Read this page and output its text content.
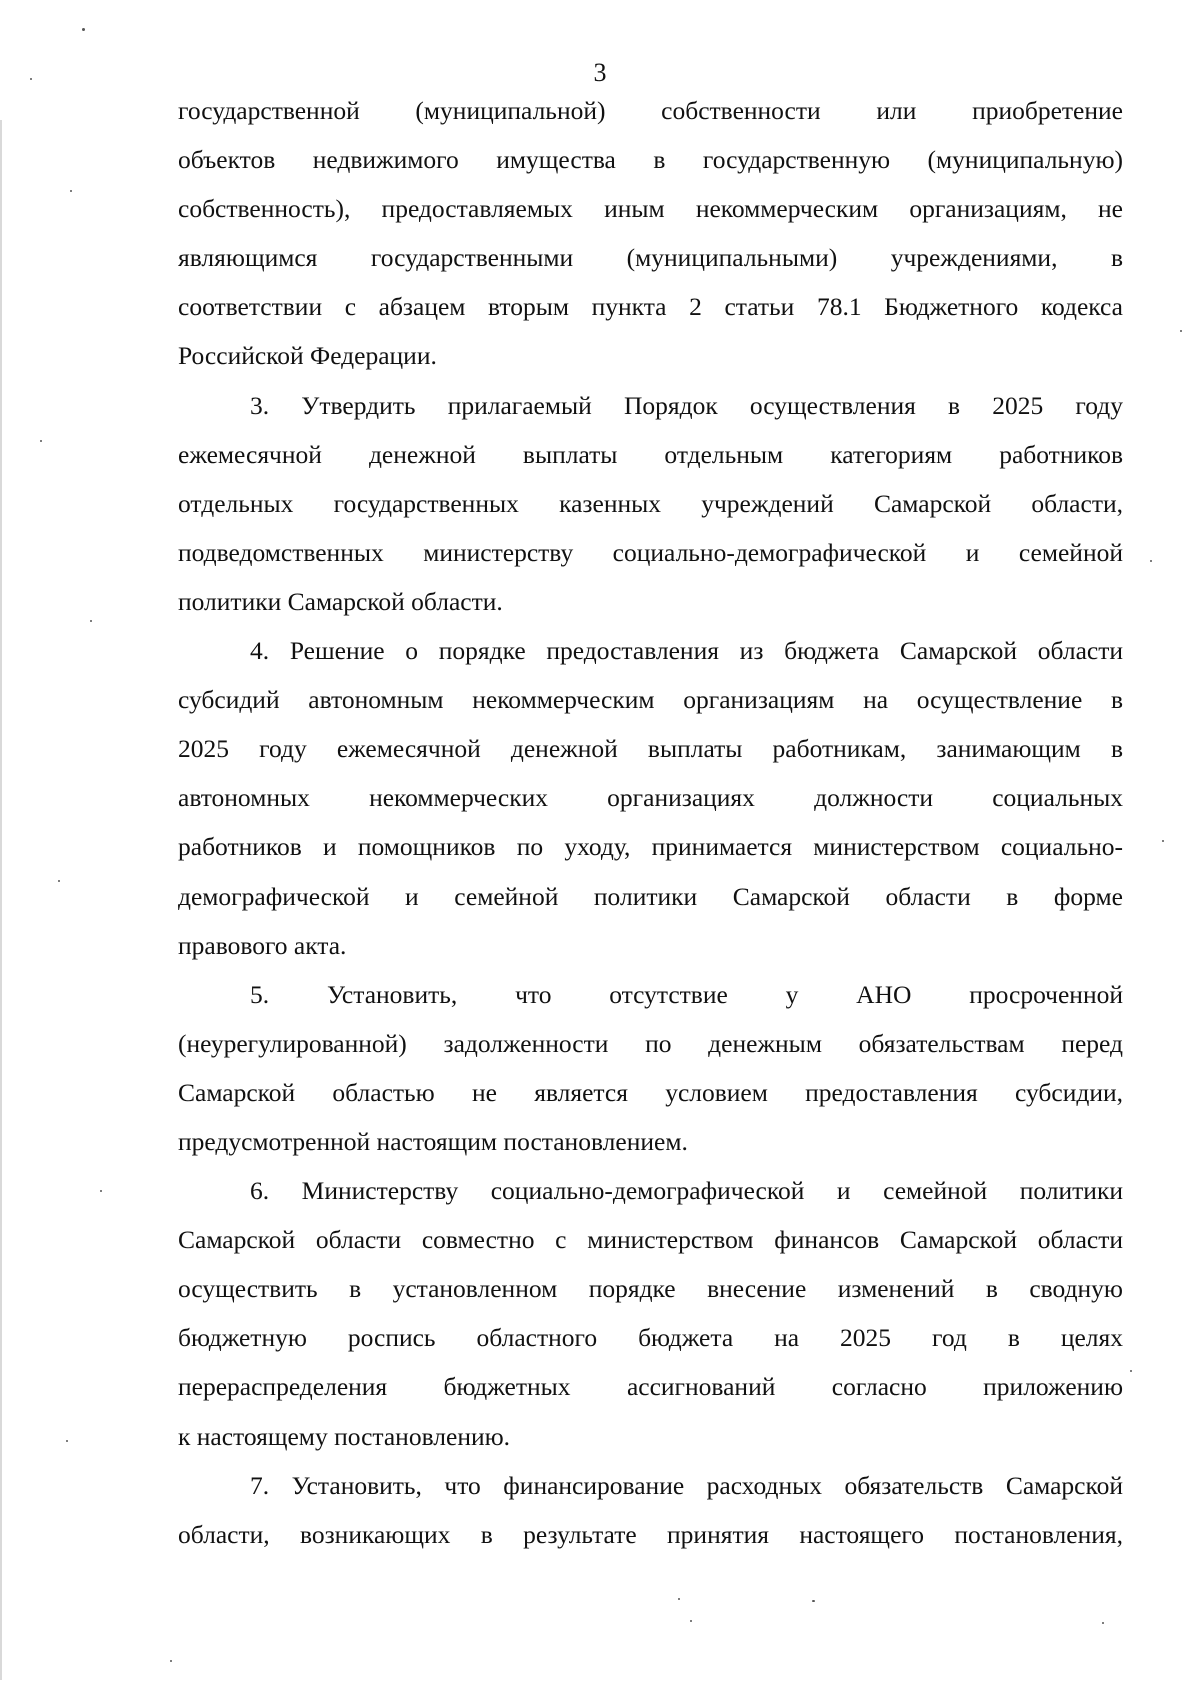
3
государственной (муниципальной) собственности или приобретение
объектов недвижимого имущества в государственную (муниципальную)
собственность), предоставляемых иным некоммерческим организациям, не
являющимся государственными (муниципальными) учреждениями, в
соответствии с абзацем вторым пункта 2 статьи 78.1 Бюджетного кодекса
Российской Федерации.
3. Утвердить прилагаемый Порядок осуществления в 2025 году
ежемесячной денежной выплаты отдельным категориям работников
отдельных государственных казенных учреждений Самарской области,
подведомственных министерству социально-демографической и семейной
политики Самарской области.
4. Решение о порядке предоставления из бюджета Самарской области
субсидий автономным некоммерческим организациям на осуществление в
2025 году ежемесячной денежной выплаты работникам, занимающим в
автономных некоммерческих организациях должности социальных
работников и помощников по уходу, принимается министерством социально-
демографической и семейной политики Самарской области в форме
правового акта.
5. Установить, что отсутствие у АНО просроченной
(неурегулированной) задолженности по денежным обязательствам перед
Самарской областью не является условием предоставления субсидии,
предусмотренной настоящим постановлением.
6. Министерству социально-демографической и семейной политики
Самарской области совместно с министерством финансов Самарской области
осуществить в установленном порядке внесение изменений в сводную
бюджетную роспись областного бюджета на 2025 год в целях
перераспределения бюджетных ассигнований согласно приложению
к настоящему постановлению.
7. Установить, что финансирование расходных обязательств Самарской
области, возникающих в результате принятия настоящего постановления,
